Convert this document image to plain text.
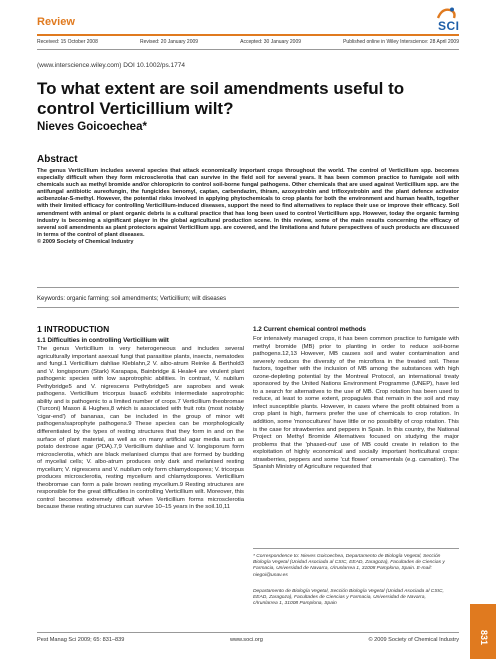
Review	SCI
Received: 15 October 2008	Revised: 20 January 2009	Accepted: 30 January 2009	Published online in Wiley Interscience: 28 April 2009
(www.interscience.wiley.com) DOI 10.1002/ps.1774
To what extent are soil amendments useful to control Verticillium wilt?
Nieves Goicoechea*
Abstract
The genus Verticillium includes several species that attack economically important crops throughout the world. The control of Verticillium spp. becomes especially difficult when they form microsclerotia that can survive in the field soil for several years. It has been common practice to fumigate soil with chemicals such as methyl bromide and/or chloropicrin to control soil-borne fungal pathogens. Other chemicals that are used against Verticillium spp. are the antifungal antibiotic aureofungin, the fungicides benomyl, captan, carbendazim, thiram, azoxystrobin and trifloxystrobin and the plant defence activator acibenzolar-S-methyl. However, the potential risks involved in applying phytochemicals to crop plants for both the environment and human health, together with their limited efficacy for controlling Verticillium-induced diseases, support the need to find alternatives to replace their use or improve their efficacy. Soil amendment with animal or plant organic debris is a cultural practice that has long been used to control Verticillium spp. However, today the organic farming industry is becoming a significant player in the global agricultural production scene. In this review, some of the main results concerning the efficacy of several soil amendments as plant protectors against Verticillium spp. are covered, and the limitations and future perspectives of such products are discussed in terms of the control of plant diseases.
© 2009 Society of Chemical Industry
Keywords: organic farming; soil amendments; Verticillium; wilt diseases
1 INTRODUCTION
1.1 Difficulties in controlling Verticillium wilt
The genus Verticillium is very heterogeneous and includes several agriculturally important asexual fungi that parasitise plants, insects, nematodes and fungi.1 Verticillium dahliae Kleblahn,2 V. albo-atrum Reinke & Berthold3 and V. longisporum (Stark) Karapapa, Bainbridge & Heale4 are virulent plant pathogenic species with low saprotrophic abilities. In contrast, V. nubilum Pethybridge5 and V. nigrescens Pethybridge5 are saprobes and weak pathogens. Verticillium tricorpus Isaac6 exhibits intermediate saprotrophic ability and is pathogenic to a limited number of crops.7 Verticillium theobromae (Turconi) Mason & Hughes,8 which is associated with fruit rots (most notably 'cigar-end') of bananas, can be included in the group of minor wilt pathogens/saprophyte pathogens.9 These species can be morphologically differentiated by the types of resting structures that they form in and on the surface of plant material, as well as on many artificial agar media such as potato dextrose agar (PDA).7,9 Verticillium dahliae and V. longisporum form microsclerotia, which are black melanised clumps that are formed by budding of mycelial cells; V. albo-atrum produces only dark and melanised resting mycelium; V. nigrescens and V. nubilum only form chlamydospores; V. tricorpus produces microsclerotia, resting mycelium and chlamydospores. Verticillium theobromae can form a pale brown resting mycelium.9 Resting structures are responsible for the great difficulties in controlling Verticillium wilt. Moreover, this control becomes extremely difficult when Verticillium forms microsclerotia because these resting structures can survive 10–15 years in the soil.10,11
1.2 Current chemical control methods
For intensively managed crops, it has been common practice to fumigate with methyl bromide (MB) prior to planting in order to reduce soil-borne pathogens.12,13 However, MB causes soil and water contamination and severely reduces the diversity of the microflora in the treated soil. These factors, together with the inclusion of MB among the substances with high ozone-depleting potential by the Montreal Protocol, an international treaty sponsored by the United Nations Environment Programme (UNEP), have led to a search for alternatives to the use of MB. Crop rotation has been used to reduce, at least to some extent, propagules that remain in the soil and may infect susceptible plants. However, in cases where the profit obtained from a crop plant is high, farmers prefer the use of chemicals to crop rotation. In addition, some 'monocultures' have little or no possibility of crop rotation. This is the case for strawberries and peppers in Spain. In this country, the National Project on Methyl Bromide Alternatives focused on studying the major problems that the 'phased-out' use of MB could create in relation to the exploitation of highly economical and socially important horticultural crops: strawberries, peppers and some 'cut flower' ornamentals (e.g. carnation). The Spanish Ministry of Agriculture requested that
* Correspondence to: Nieves Goicoechea, Departamento de Biología Vegetal, Sección Biología Vegetal (Unidad Asociada al CSIC, EEAD, Zaragoza), Facultades de Ciencias y Farmacia, Universidad de Navarra, c/Irunlarrea 1, 31008 Pamplona, Spain. E-mail: niegoi@unav.es
Departamento de Biología Vegetal, Sección Biología Vegetal (Unidad Asociada al CSIC, EEAD, Zaragoza), Facultades de Ciencias y Farmacia, Universidad de Navarra, c/Irunlarrea 1, 31008 Pamplona, Spain
Pest Manag Sci 2009; 65: 831–839	www.soci.org	© 2009 Society of Chemical Industry 831
